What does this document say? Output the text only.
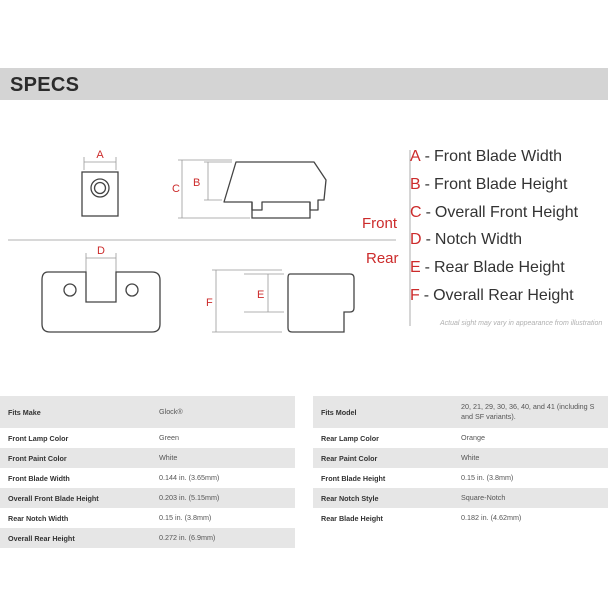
SPECS
A
C B
Front
Rear
D
F
E
A - Front Blade Width
B - Front Blade Height
C - Overall Front Height
D - Notch Width
E - Rear Blade Height
F - Overall Rear Height
Actual sight may vary in appearance from illustration
Fits Make	Glock®
Front Lamp Color	Green
Front Paint Color	White
Front Blade Width	0.144 in. (3.65mm)
Overall Front Blade Height	0.203 in. (5.15mm)
Rear Notch Width	0.15 in. (3.8mm)
Overall Rear Height	0.272 in. (6.9mm)
Fits Model	20, 21, 29, 30, 36, 40, and 41 (including S and SF variants).
Rear Lamp Color	Orange
Rear Paint Color	White
Front Blade Height	0.15 in. (3.8mm)
Rear Notch Style	Square-Notch
Rear Blade Height	0.182 in. (4.62mm)
